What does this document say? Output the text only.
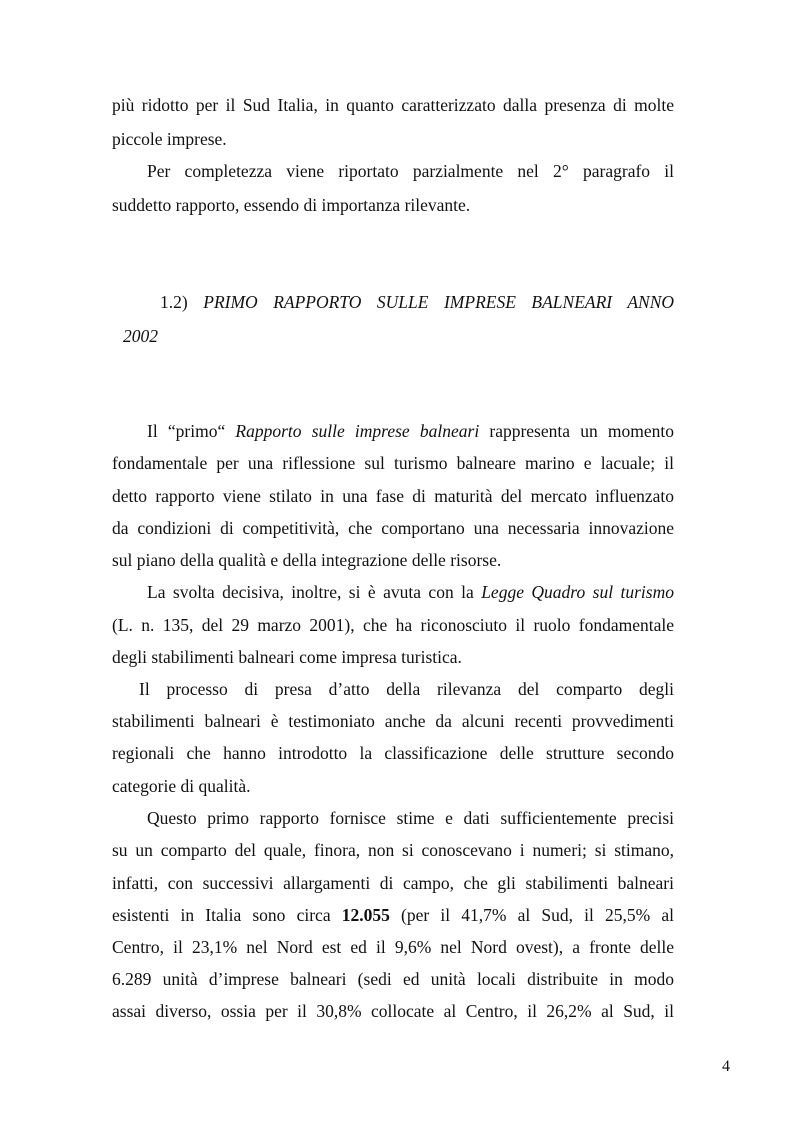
più ridotto per il Sud Italia, in quanto caratterizzato dalla presenza di molte
piccole imprese.
Per completezza viene riportato parzialmente nel 2° paragrafo il
suddetto rapporto, essendo di importanza rilevante.
1.2) PRIMO RAPPORTO SULLE IMPRESE BALNEARI ANNO
2002
Il “primo“ Rapporto sulle imprese balneari rappresenta un momento
fondamentale per una riflessione sul turismo balneare marino e lacuale; il
detto rapporto viene stilato in una fase di maturità del mercato influenzato
da condizioni di competitività, che comportano una necessaria innovazione
sul piano della qualità e della integrazione delle risorse.
La svolta decisiva, inoltre, si è avuta con la Legge Quadro sul turismo
(L. n. 135, del 29 marzo 2001), che ha riconosciuto il ruolo fondamentale
degli stabilimenti balneari come impresa turistica.
Il processo di presa d’atto della rilevanza del comparto degli
stabilimenti balneari è testimoniato anche da alcuni recenti provvedimenti
regionali che hanno introdotto la classificazione delle strutture secondo
categorie di qualità.
Questo primo rapporto fornisce stime e dati sufficientemente precisi
su un comparto del quale, finora, non si conoscevano i numeri; si stimano,
infatti, con successivi allargamenti di campo, che gli stabilimenti balneari
esistenti in Italia sono circa 12.055 (per il 41,7% al Sud, il 25,5% al
Centro, il 23,1% nel Nord est ed il 9,6% nel Nord ovest), a fronte delle
6.289 unità d’imprese balneari (sedi ed unità locali distribuite in modo
assai diverso, ossia per il 30,8% collocate al Centro, il 26,2% al Sud, il
4
